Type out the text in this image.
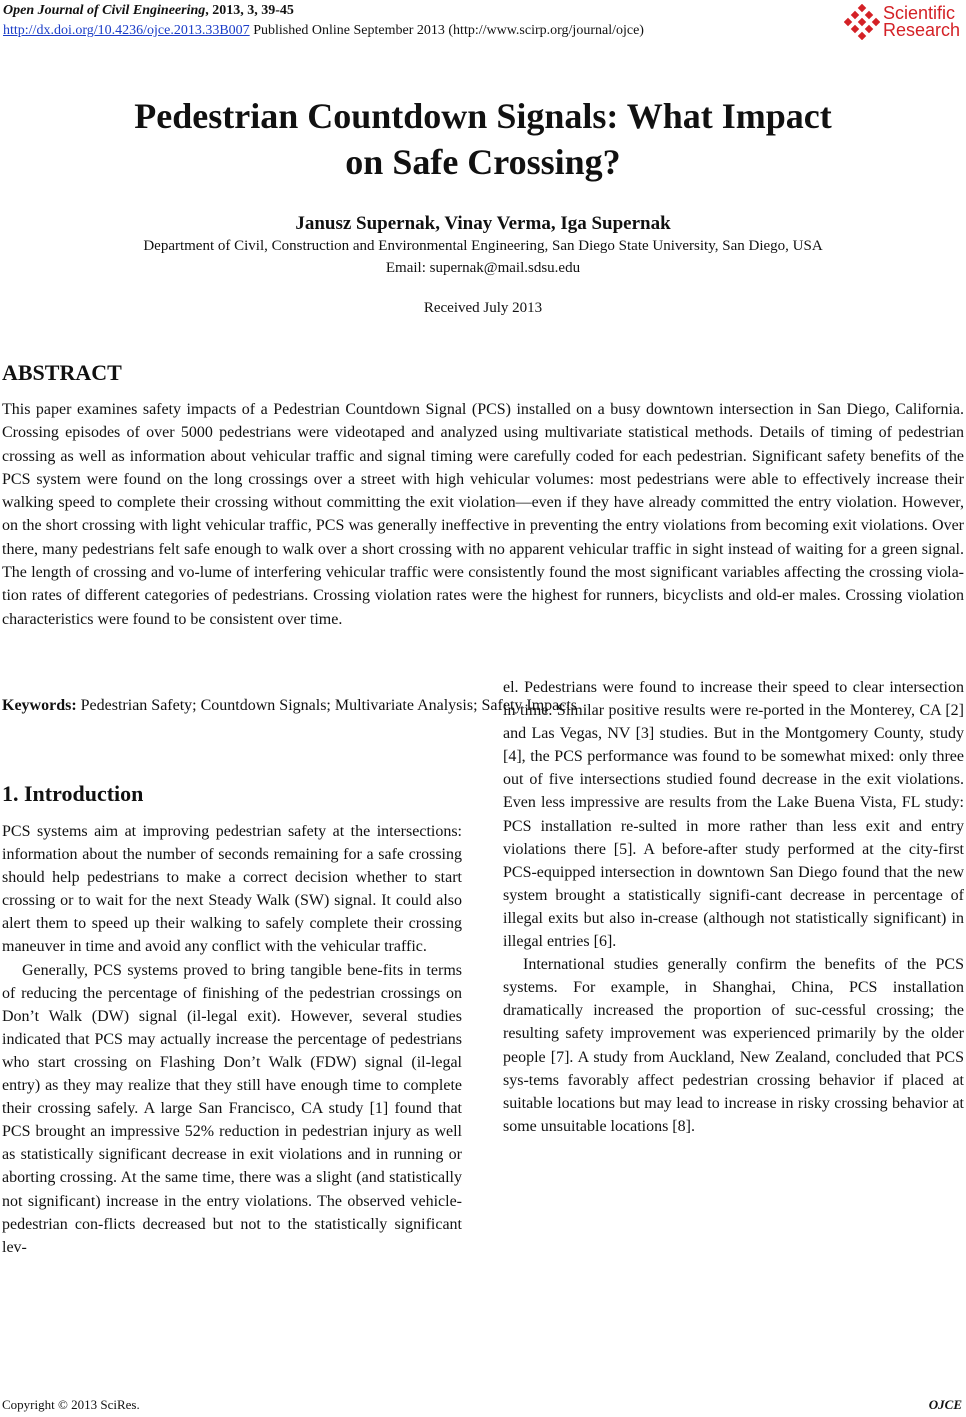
Open Journal of Civil Engineering, 2013, 3, 39-45
http://dx.doi.org/10.4236/ojce.2013.33B007 Published Online September 2013 (http://www.scirp.org/journal/ojce)
Scientific
Research
Pedestrian Countdown Signals: What Impact
on Safe Crossing?
Janusz Supernak, Vinay Verma, Iga Supernak
Department of Civil, Construction and Environmental Engineering, San Diego State University, San Diego, USA
Email: supernak@mail.sdsu.edu
Received July 2013
ABSTRACT

This paper examines safety impacts of a Pedestrian Countdown Signal (PCS) installed on a busy downtown intersection in San Diego, California. Crossing episodes of over 5000 pedestrians were videotaped and analyzed using multivariate statistical methods. Details of timing of pedestrian crossing as well as information about vehicular traffic and signal timing were carefully coded for each pedestrian. Significant safety benefits of the PCS system were found on the long crossings over a street with high vehicular volumes: most pedestrians were able to effectively increase their walking speed to complete their crossing without committing the exit violation—even if they have already committed the entry violation. However, on the short crossing with light vehicular traffic, PCS was generally ineffective in preventing the entry violations from becoming exit violations. Over there, many pedestrians felt safe enough to walk over a short crossing with no apparent vehicular traffic in sight instead of waiting for a green signal. The length of crossing and vo-lume of interfering vehicular traffic were consistently found the most significant variables affecting the crossing viola-tion rates of different categories of pedestrians. Crossing violation rates were the highest for runners, bicyclists and old-er males. Crossing violation characteristics were found to be consistent over time.

Keywords: Pedestrian Safety; Countdown Signals; Multivariate Analysis; Safety Impacts
1. Introduction

PCS systems aim at improving pedestrian safety at the intersections: information about the number of seconds remaining for a safe crossing should help pedestrians to make a correct decision whether to start crossing or to wait for the next Steady Walk (SW) signal. It could also alert them to speed up their walking to safely complete their crossing maneuver in time and avoid any conflict with the vehicular traffic.

Generally, PCS systems proved to bring tangible bene-fits in terms of reducing the percentage of finishing of the pedestrian crossings on Don’t Walk (DW) signal (il-legal exit). However, several studies indicated that PCS may actually increase the percentage of pedestrians who start crossing on Flashing Don’t Walk (FDW) signal (il-legal entry) as they may realize that they still have enough time to complete their crossing safely. A large San Francisco, CA study [1] found that PCS brought an impressive 52% reduction in pedestrian injury as well as statistically significant decrease in exit violations and in running or aborting crossing. At the same time, there was a slight (and statistically not significant) increase in the entry violations. The observed vehicle-pedestrian con-flicts decreased but not to the statistically significant lev-

el. Pedestrians were found to increase their speed to clear intersection in time. Similar positive results were re-ported in the Monterey, CA [2] and Las Vegas, NV [3] studies. But in the Montgomery County, study [4], the PCS performance was found to be somewhat mixed: only three out of five intersections studied found decrease in the exit violations. Even less impressive are results from the Lake Buena Vista, FL study: PCS installation re-sulted in more rather than less exit and entry violations there [5]. A before-after study performed at the city-first PCS-equipped intersection in downtown San Diego found that the new system brought a statistically signifi-cant decrease in percentage of illegal exits but also in-crease (although not statistically significant) in illegal entries [6].

International studies generally confirm the benefits of the PCS systems. For example, in Shanghai, China, PCS installation dramatically increased the proportion of suc-cessful crossing; the resulting safety improvement was experienced primarily by the older people [7]. A study from Auckland, New Zealand, concluded that PCS sys-tems favorably affect pedestrian crossing behavior if placed at suitable locations but may lead to increase in risky crossing behavior at some unsuitable locations [8].

Copyright © 2013 SciRes.	OJCE
